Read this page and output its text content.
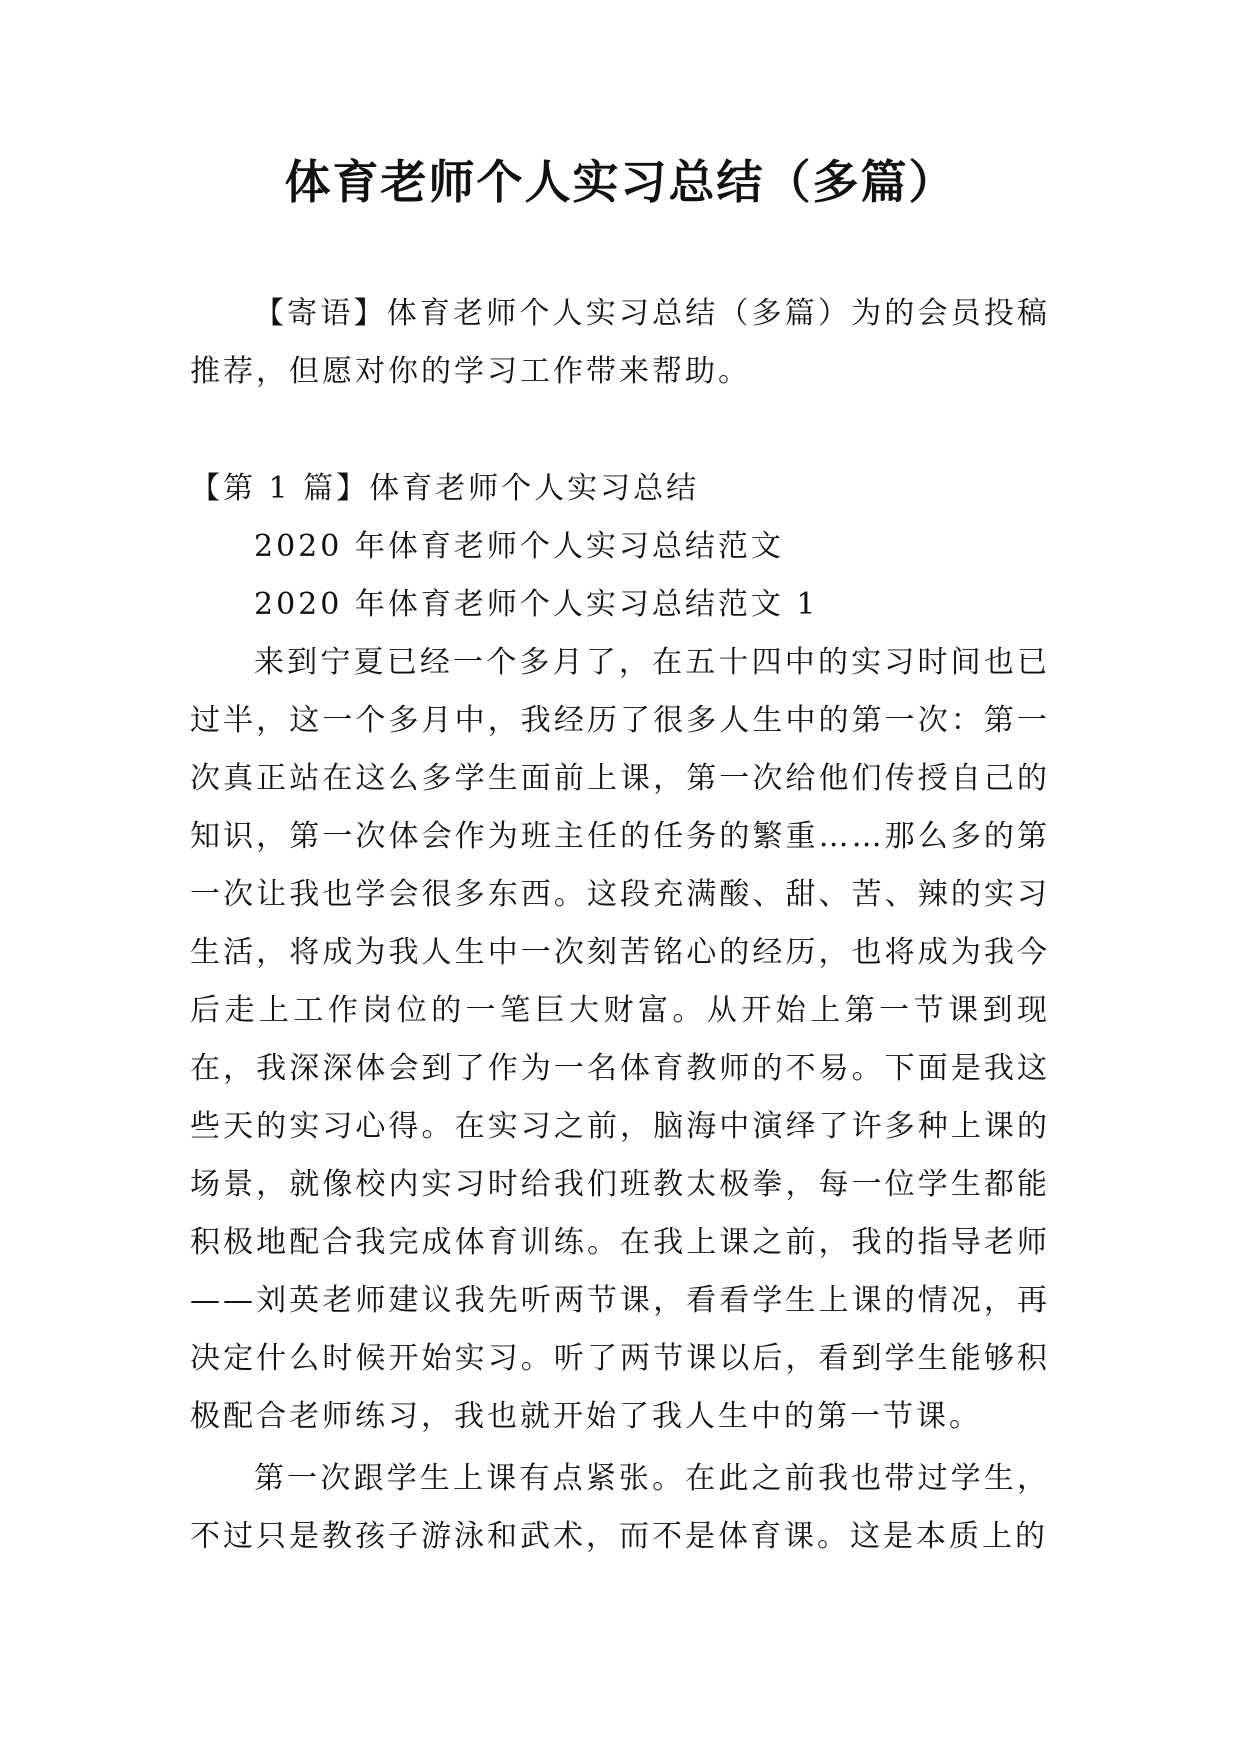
体育老师个人实习总结（多篇）

【寄语】体育老师个人实习总结（多篇）为的会员投稿推荐，但愿对你的学习工作带来帮助。

【第 1 篇】体育老师个人实习总结

2020 年体育老师个人实习总结范文

2020 年体育老师个人实习总结范文 1

来到宁夏已经一个多月了，在五十四中的实习时间也已过半，这一个多月中，我经历了很多人生中的第一次：第一次真正站在这么多学生面前上课，第一次给他们传授自己的知识，第一次体会作为班主任的任务的繁重……那么多的第一次让我也学会很多东西。这段充满酸、甜、苦、辣的实习生活，将成为我人生中一次刻苦铭心的经历，也将成为我今后走上工作岗位的一笔巨大财富。从开始上第一节课到现在，我深深体会到了作为一名体育教师的不易。下面是我这些天的实习心得。在实习之前，脑海中演绎了许多种上课的场景，就像校内实习时给我们班教太极拳，每一位学生都能积极地配合我完成体育训练。在我上课之前，我的指导老师——刘英老师建议我先听两节课，看看学生上课的情况，再决定什么时候开始实习。听了两节课以后，看到学生能够积极配合老师练习，我也就开始了我人生中的第一节课。

第一次跟学生上课有点紧张。在此之前我也带过学生，不过只是教孩子游泳和武术，而不是体育课。这是本质上的
